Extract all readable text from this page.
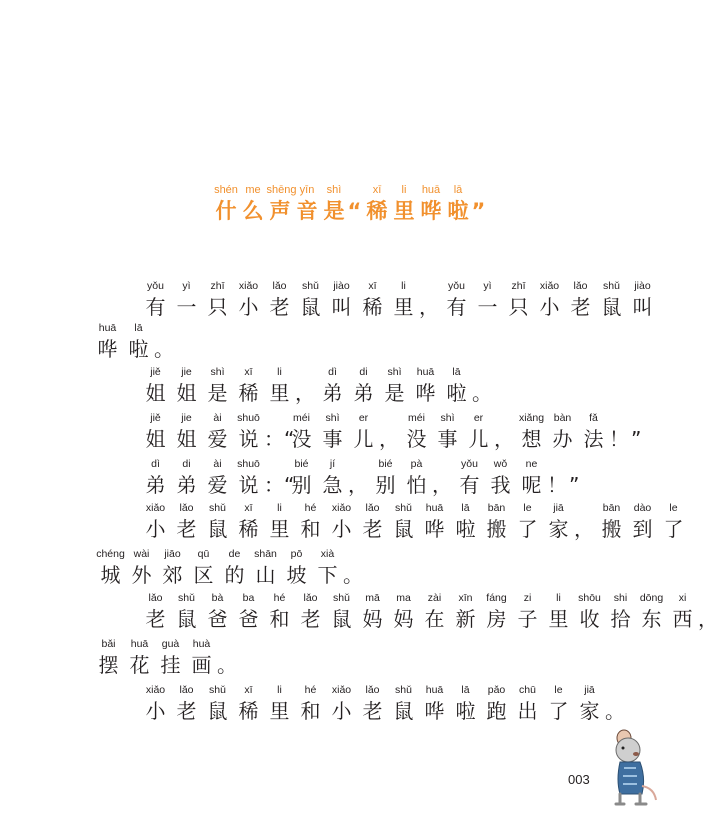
shén
什
me
么
shēng
声
yīn
音
shì
是
“
xī
稀
li
里
huā
哗
lā
啦
”
yǒu
有
yì
一
zhī
只
xiǎo
小
lǎo
老
shǔ
鼠
jiào
叫
xī
稀
li
里
，
yǒu
有
yì
一
zhī
只
xiǎo
小
lǎo
老
shǔ
鼠
jiào
叫
huā
哗
lā
啦
。
jiě
姐
jie
姐
shì
是
xī
稀
li
里
，
dì
弟
di
弟
shì
是
huā
哗
lā
啦
。
jiě
姐
jie
姐
ài
爱
shuō
说
：“
méi
没
shì
事
er
儿
，
méi
没
shì
事
er
儿
，
xiǎng
想
bàn
办
fǎ
法
！
”
dì
弟
di
弟
ài
爱
shuō
说
：“
bié
别
jí
急
，
bié
别
pà
怕
，
yǒu
有
wǒ
我
ne
呢
！
”
xiǎo
小
lǎo
老
shǔ
鼠
xī
稀
li
里
hé
和
xiǎo
小
lǎo
老
shǔ
鼠
huā
哗
lā
啦
bān
搬
le
了
jiā
家
，
bān
搬
dào
到
le
了
chéng
城
wài
外
jiāo
郊
qū
区
de
的
shān
山
pō
坡
xià
下
。
lǎo
老
shǔ
鼠
bà
爸
ba
爸
hé
和
lǎo
老
shǔ
鼠
mā
妈
ma
妈
zài
在
xīn
新
fáng
房
zi
子
li
里
shōu
收
shi
拾
dōng
东
xi
西
，
bǎi
摆
huā
花
guà
挂
huà
画
。
xiǎo
小
lǎo
老
shǔ
鼠
xī
稀
li
里
hé
和
xiǎo
小
lǎo
老
shǔ
鼠
huā
哗
lā
啦
pǎo
跑
chū
出
le
了
jiā
家
。
003
